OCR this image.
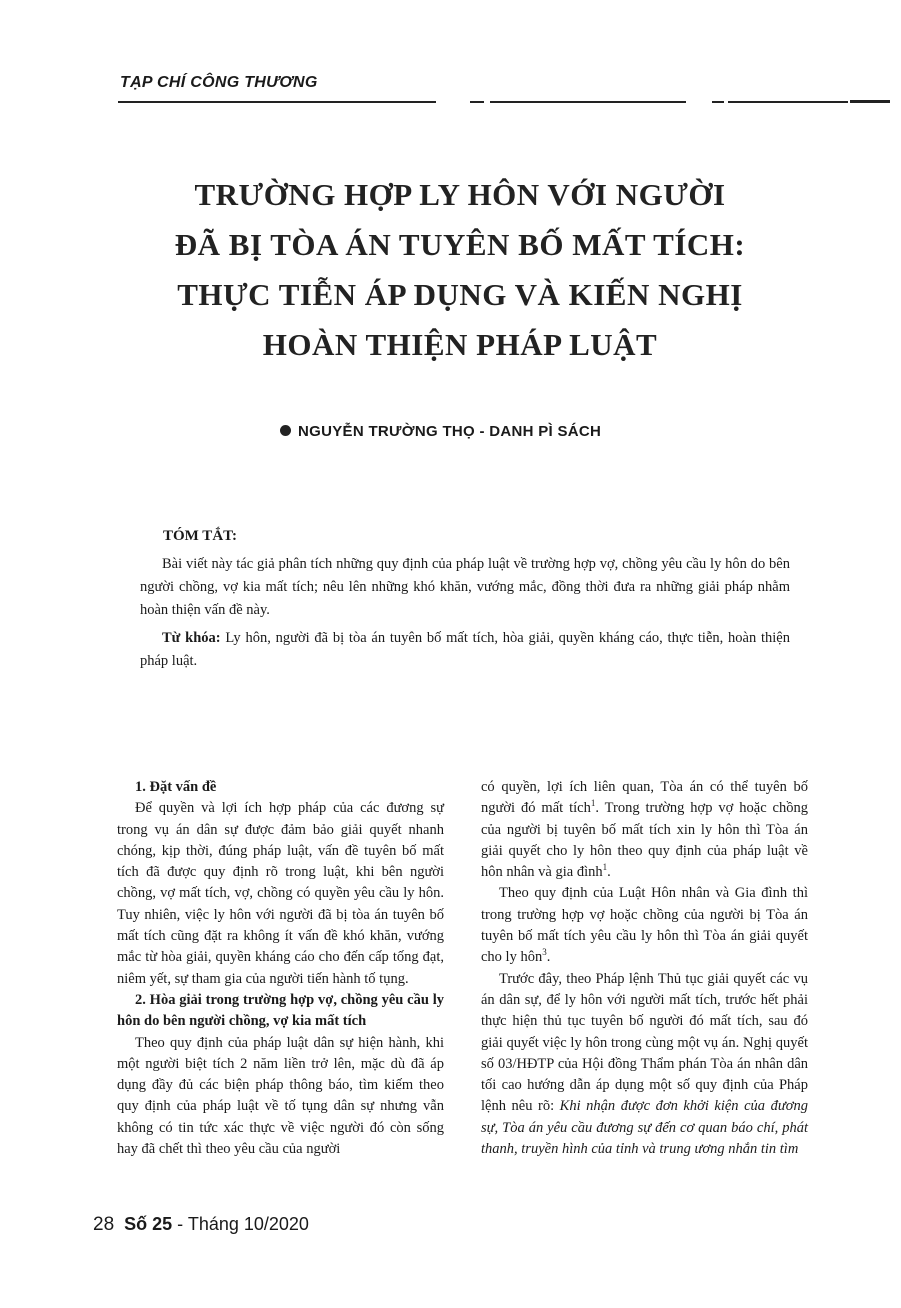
TẠP CHÍ CÔNG THƯƠNG
TRƯỜNG HỢP LY HÔN VỚI NGƯỜI
ĐÃ BỊ TÒA ÁN TUYÊN BỐ MẤT TÍCH:
THỰC TIỄN ÁP DỤNG VÀ KIẾN NGHỊ
HOÀN THIỆN PHÁP LUẬT
NGUYỄN TRƯỜNG THỌ - DANH PÌ SÁCH
TÓM TẮT:
Bài viết này tác giả phân tích những quy định của pháp luật về trường hợp vợ, chồng yêu cầu ly hôn do bên người chồng, vợ kia mất tích; nêu lên những khó khăn, vướng mắc, đồng thời đưa ra những giải pháp nhằm hoàn thiện vấn đề này.
Từ khóa: Ly hôn, người đã bị tòa án tuyên bố mất tích, hòa giải, quyền kháng cáo, thực tiễn, hoàn thiện pháp luật.
1. Đặt vấn đề

Để quyền và lợi ích hợp pháp của các đương sự trong vụ án dân sự được đảm bảo giải quyết nhanh chóng, kịp thời, đúng pháp luật, vấn đề tuyên bố mất tích đã được quy định rõ trong luật, khi bên người chồng, vợ mất tích, vợ, chồng có quyền yêu cầu ly hôn. Tuy nhiên, việc ly hôn với người đã bị tòa án tuyên bố mất tích cũng đặt ra không ít vấn đề khó khăn, vướng mắc từ hòa giải, quyền kháng cáo cho đến cấp tống đạt, niêm yết, sự tham gia của người tiến hành tố tụng.

2. Hòa giải trong trường hợp vợ, chồng yêu cầu ly hôn do bên người chồng, vợ kia mất tích

Theo quy định của pháp luật dân sự hiện hành, khi một người biệt tích 2 năm liền trở lên, mặc dù đã áp dụng đầy đủ các biện pháp thông báo, tìm kiếm theo quy định của pháp luật về tố tụng dân sự nhưng vẫn không có tin tức xác thực về việc người đó còn sống hay đã chết thì theo yêu cầu của người

có quyền, lợi ích liên quan, Tòa án có thể tuyên bố người đó mất tích$^1$. Trong trường hợp vợ hoặc chồng của người bị tuyên bố mất tích xin ly hôn thì Tòa án giải quyết cho ly hôn theo quy định của pháp luật về hôn nhân và gia đình$^1$.

Theo quy định của Luật Hôn nhân và Gia đình thì trong trường hợp vợ hoặc chồng của người bị Tòa án tuyên bố mất tích yêu cầu ly hôn thì Tòa án giải quyết cho ly hôn$^3$.

Trước đây, theo Pháp lệnh Thủ tục giải quyết các vụ án dân sự, để ly hôn với người mất tích, trước hết phải thực hiện thủ tục tuyên bố người đó mất tích, sau đó giải quyết việc ly hôn trong cùng một vụ án. Nghị quyết số 03/HĐTP của Hội đồng Thẩm phán Tòa án nhân dân tối cao hướng dẫn áp dụng một số quy định của Pháp lệnh nêu rõ: Khi nhận được đơn khởi kiện của đương sự, Tòa án yêu cầu đương sự đến cơ quan báo chí, phát thanh, truyền hình của tỉnh và trung ương nhắn tin tìm

28 Số 25 - Tháng 10/2020
